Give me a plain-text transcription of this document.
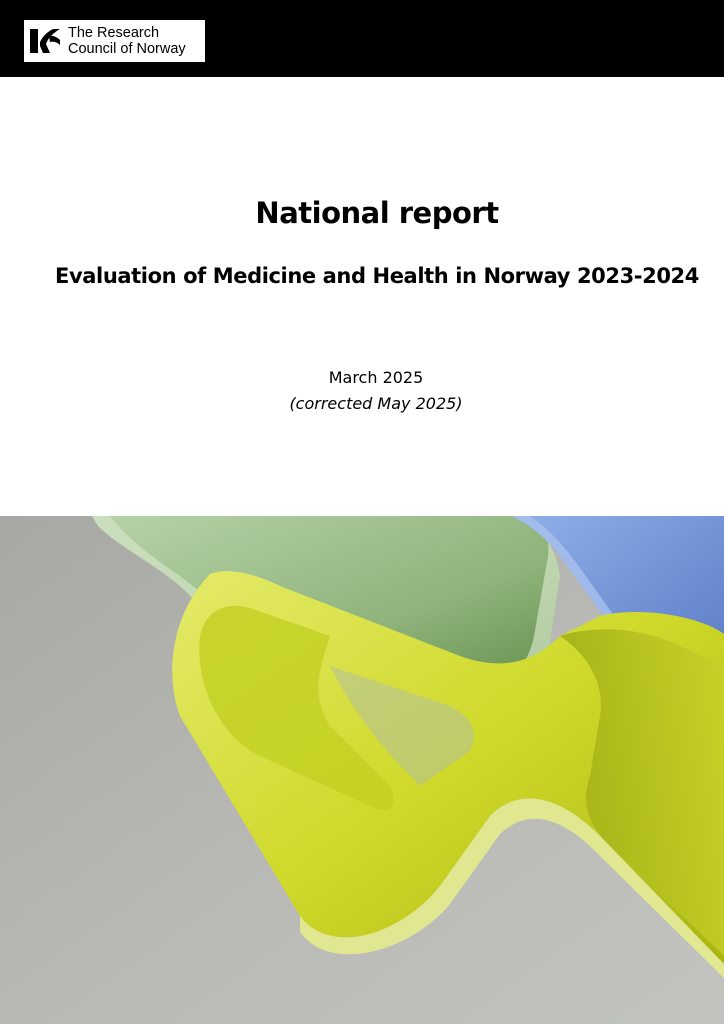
The Research
Council of Norway
National report
Evaluation of Medicine and Health in Norway 2023-2024
March 2025
(corrected May 2025)
